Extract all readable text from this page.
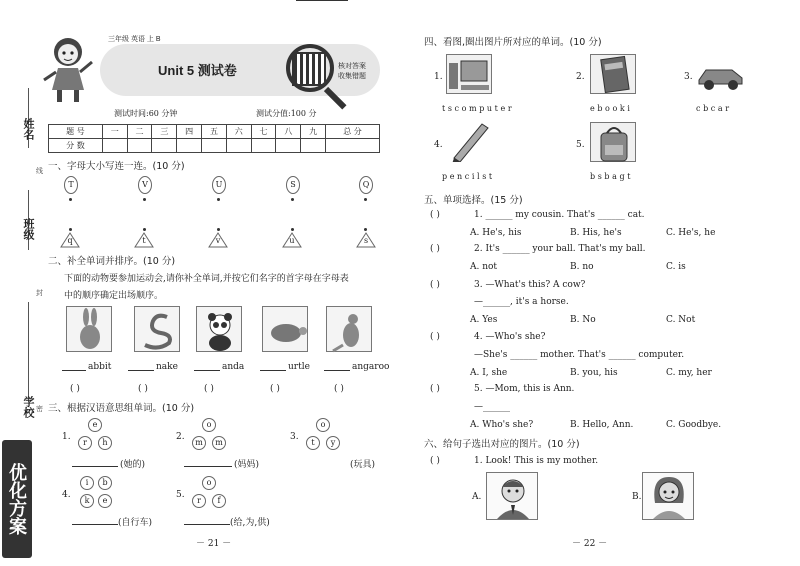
姓名
班级
学校
线
封
密
优化方案
三年级 英语 上 B
Unit 5 测试卷	核对答案
收集错题
测试时间:60 分钟	测试分值:100 分
题 号	一	二	三	四	五	六	七	八	九	总 分
分 数										
一、字母大小写连一连。(10 分)
T	V	U	S	Q
q	t	v	u	s
二、补全单词并排序。(10 分)
下面的动物要参加运动会,请你补全单词,并按它们名字的首字母在字母表
中的顺序确定出场顺序。
abbit	nake	anda	urtle	angaroo
( )	( )	( )	( )	( )
三、根据汉语意思组单词。(10 分)
1.
e
r	h
(她的)
2.
o
m	m
(妈妈)
3.
o
t	y
(玩具)
4.
i	b
k	e
(自行车)
5.
o
r	f
(给,为,供)
－ 21 －
四、看图,圈出图片所对应的单词。(10 分)
1.
tscomputer
2.
ebooki
3.
cbcar
4.
pencilst
5.
bsbagt
五、单项选择。(15 分)
( )	1. ______ my cousin. That's ______ cat.
A. He's, his	B. His, he's	C. He's, he
( )	2. It's ______ your ball. That's my ball.
A. not	B. no	C. is
( )	3. —What's this? A cow?
—______, it's a horse.
A. Yes	B. No	C. Not
( )	4. —Who's she?
—She's ______ mother. That's ______ computer.
A. I, she	B. you, his	C. my, her
( )	5. —Mom, this is Ann.
—______
A. Who's she?	B. Hello, Ann.	C. Goodbye.
六、给句子选出对应的图片。(10 分)
( )	1. Look! This is my mother.
A.	B.
－ 22 －
